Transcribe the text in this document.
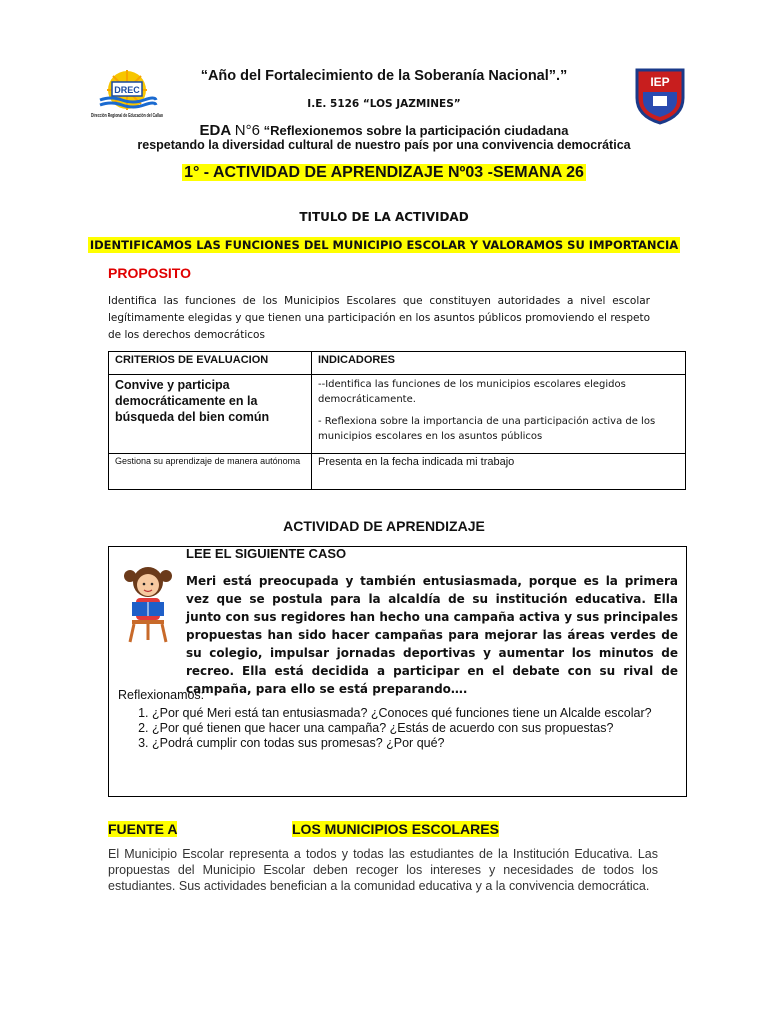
DREC
Dirección Regional de Educación del Callao
IEP
“Año del Fortalecimiento de la Soberanía Nacional”.”
I.E. 5126 “LOS JAZMINES”
EDA N°6 “Reflexionemos sobre la participación ciudadana
respetando la diversidad cultural de nuestro país por una convivencia democrática
1° - ACTIVIDAD DE APRENDIZAJE Nº03 -SEMANA 26
TITULO DE LA ACTIVIDAD
IDENTIFICAMOS LAS FUNCIONES DEL MUNICIPIO ESCOLAR Y VALORAMOS SU IMPORTANCIA
PROPOSITO
Identifica las funciones de los Municipios Escolares que constituyen autoridades a nivel escolar legítimamente elegidas y que tienen una participación en los asuntos públicos promoviendo el respeto de los derechos democráticos
CRITERIOS DE EVALUACION	INDICADORES
Convive y participa democráticamente en la búsqueda del bien común	--Identifica las funciones de los municipios escolares elegidos democráticamente.

- Reflexiona sobre la importancia de una participación activa de los municipios escolares en los asuntos públicos

Gestiona su aprendizaje de manera autónoma	Presenta en la fecha indicada mi trabajo
ACTIVIDAD DE APRENDIZAJE
LEE EL SIGUIENTE CASO
Meri está preocupada y también entusiasmada, porque es la primera vez que se postula para la alcaldía de su institución educativa. Ella junto con sus regidores han hecho una campaña activa y sus principales propuestas han sido hacer campañas para mejorar las áreas verdes de su colegio, impulsar jornadas deportivas y aumentar los minutos de recreo. Ella está decidida a participar en el debate con su rival de campaña, para ello se está preparando….
Reflexionamos:
1. ¿Por qué Meri está tan entusiasmada? ¿Conoces qué funciones tiene un Alcalde escolar?
2. ¿Por qué tienen que hacer una campaña? ¿Estás de acuerdo con sus propuestas?
3. ¿Podrá cumplir con todas sus promesas? ¿Por qué?
FUENTE A	LOS MUNICIPIOS ESCOLARES
El Municipio Escolar representa a todos y todas las estudiantes de la Institución Educativa. Las propuestas del Municipio Escolar deben recoger los intereses y necesidades de todos los estudiantes. Sus actividades benefician a la comunidad educativa y a la convivencia democrática.
